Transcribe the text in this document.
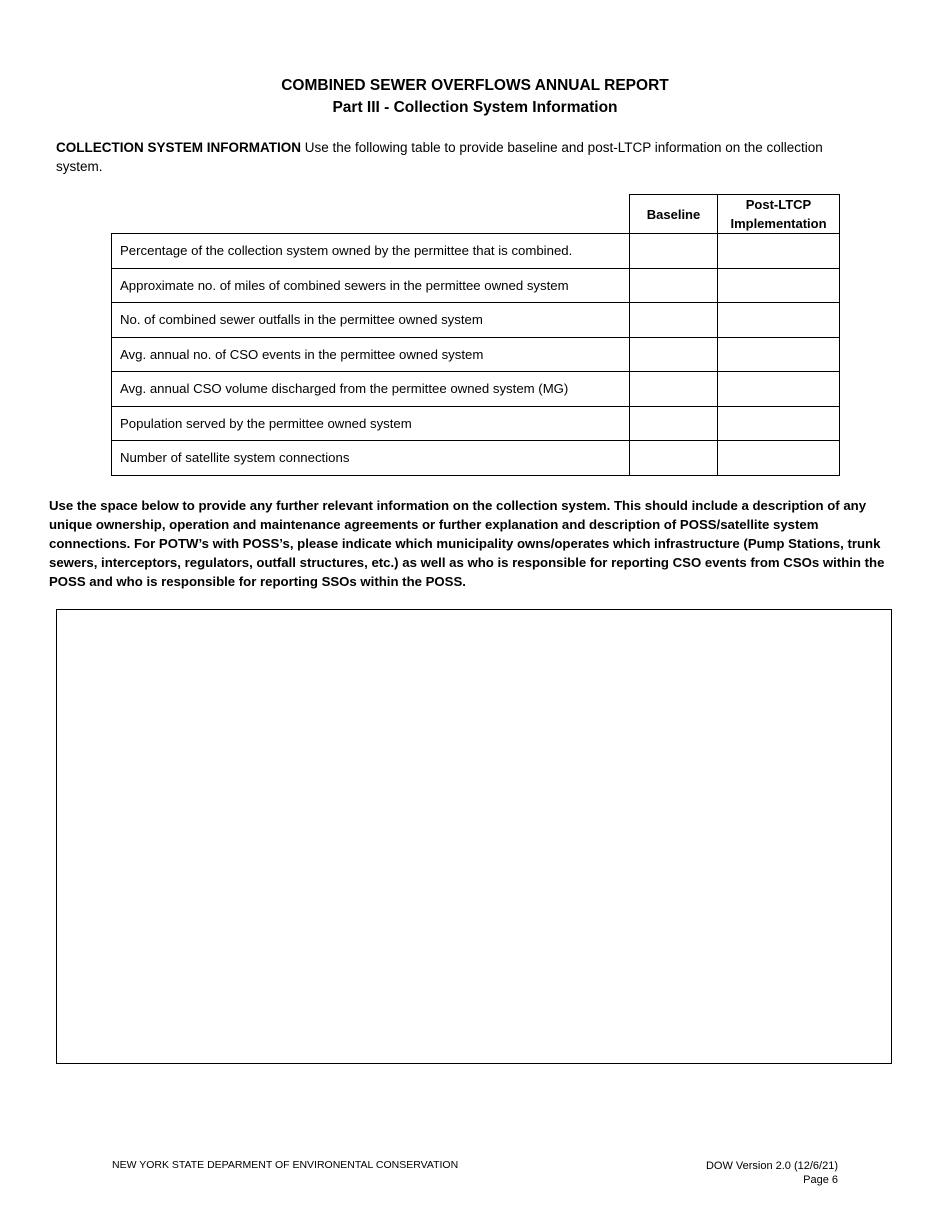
COMBINED SEWER OVERFLOWS ANNUAL REPORT
Part III - Collection System Information
COLLECTION SYSTEM INFORMATION Use the following table to provide baseline and post-LTCP information on the collection system.
	Baseline	Post-LTCP
Implementation
Percentage of the collection system owned by the permittee that is combined.		
Approximate no. of miles of combined sewers in the permittee owned system		
No. of combined sewer outfalls in the permittee owned system		
Avg. annual no. of CSO events in the permittee owned system		
Avg. annual CSO volume discharged from the permittee owned system (MG)		
Population served by the permittee owned system		
Number of satellite system connections		
Use the space below to provide any further relevant information on the collection system. This should include a description of any unique ownership, operation and maintenance agreements or further explanation and description of POSS/satellite system connections. For POTW’s with POSS’s, please indicate which municipality owns/operates which infrastructure (Pump Stations, trunk sewers, interceptors, regulators, outfall structures, etc.) as well as who is responsible for reporting CSO events from CSOs within the POSS and who is responsible for reporting SSOs within the POSS.
NEW YORK STATE DEPARMENT OF ENVIRONENTAL CONSERVATION	DOW Version 2.0 (12/6/21)
Page 6
